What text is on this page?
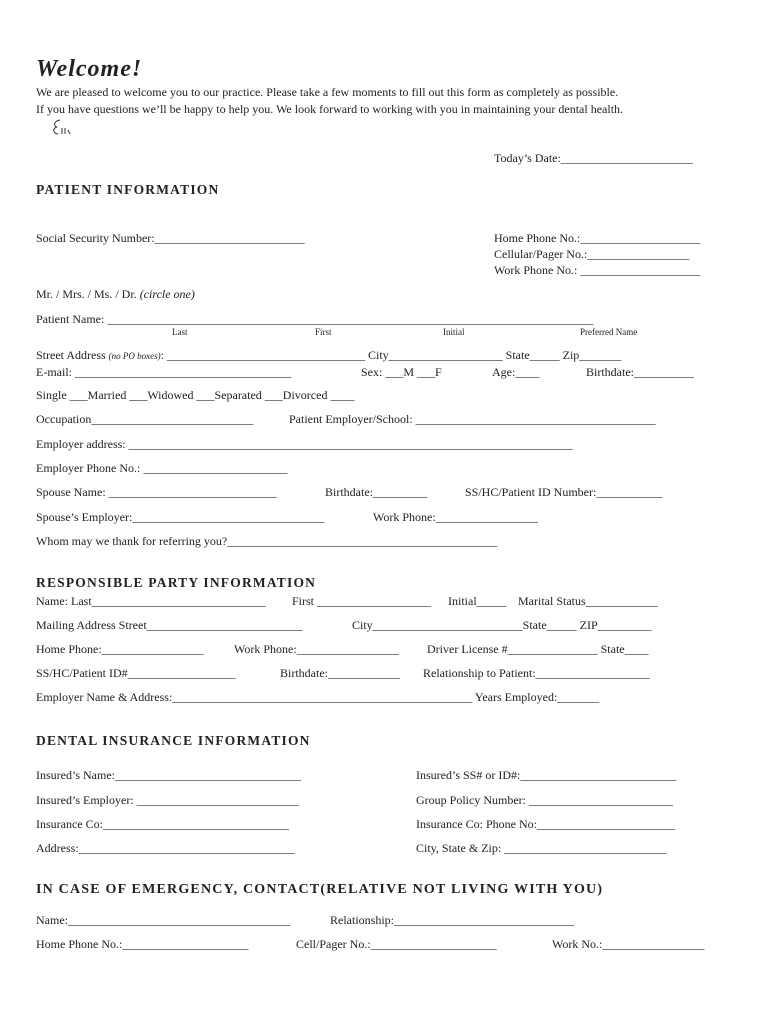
Welcome!
We are pleased to welcome you to our practice. Please take a few moments to fill out this form as completely as possible.
If you have questions we’ll be happy to help you. We look forward to working with you in maintaining your dental health.
Today’s Date:______________________
PATIENT INFORMATION
Social Security Number:_________________________	Home Phone No.:____________________
Cellular/Pager No.:_________________
Work Phone No.: ____________________
Mr. / Mrs. / Ms. / Dr. (circle one)
Patient Name: _________________________________________________________________________________
Last	First	Initial	Preferred Name
Street Address (no PO boxes): _________________________________ City___________________ State_____ Zip_______
E-mail: ____________________________________	Sex: ___M ___F	Age:____	Birthdate:__________
Single ___Married ___Widowed ___Separated ___Divorced ____
Occupation___________________________	Patient Employer/School: ________________________________________
Employer address: __________________________________________________________________________
Employer Phone No.: ________________________
Spouse Name: ____________________________	Birthdate:_________	SS/HC/Patient ID Number:___________
Spouse’s Employer:________________________________	Work Phone:_________________
Whom may we thank for referring you?_____________________________________________
RESPONSIBLE PARTY INFORMATION
Name: Last_____________________________ First ___________________ Initial_____ Marital Status____________
Mailing Address Street__________________________	City_________________________State_____ ZIP_________
Home Phone:_________________	Work Phone:_________________ Driver License #_______________ State____
SS/HC/Patient ID#__________________	Birthdate:____________ Relationship to Patient:___________________
Employer Name & Address:__________________________________________________ Years Employed:_______
DENTAL INSURANCE INFORMATION
Insured’s Name:_______________________________	Insured’s SS# or ID#:__________________________
Insured’s Employer: ___________________________	Group Policy Number: ________________________
Insurance Co:_______________________________	Insurance Co: Phone No:_______________________
Address:____________________________________	City, State & Zip: ___________________________
IN CASE OF EMERGENCY, CONTACT(RELATIVE NOT LIVING WITH YOU)
Name:_____________________________________	Relationship:______________________________
Home Phone No.:_____________________	Cell/Pager No.:_____________________	Work No.:_________________
